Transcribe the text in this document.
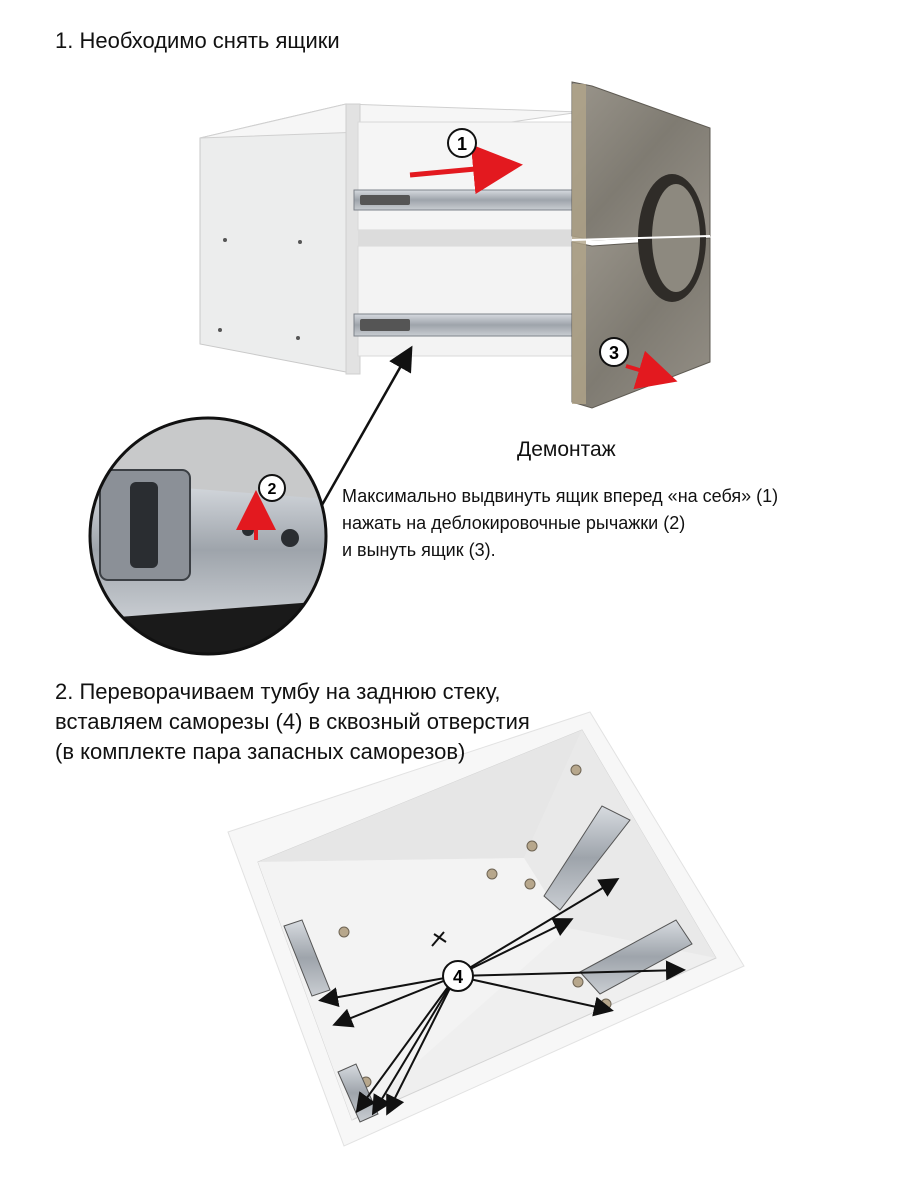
1. Необходимо снять ящики
1
3
2
4
Демонтаж
Максимально выдвинуть ящик вперед «на себя» (1)
нажать на деблокировочные рычажки (2)
и вынуть ящик (3).
2. Переворачиваем тумбу на заднюю стеку,
вставляем саморезы (4) в сквозный отверстия
(в комплекте пара запасных саморезов)
